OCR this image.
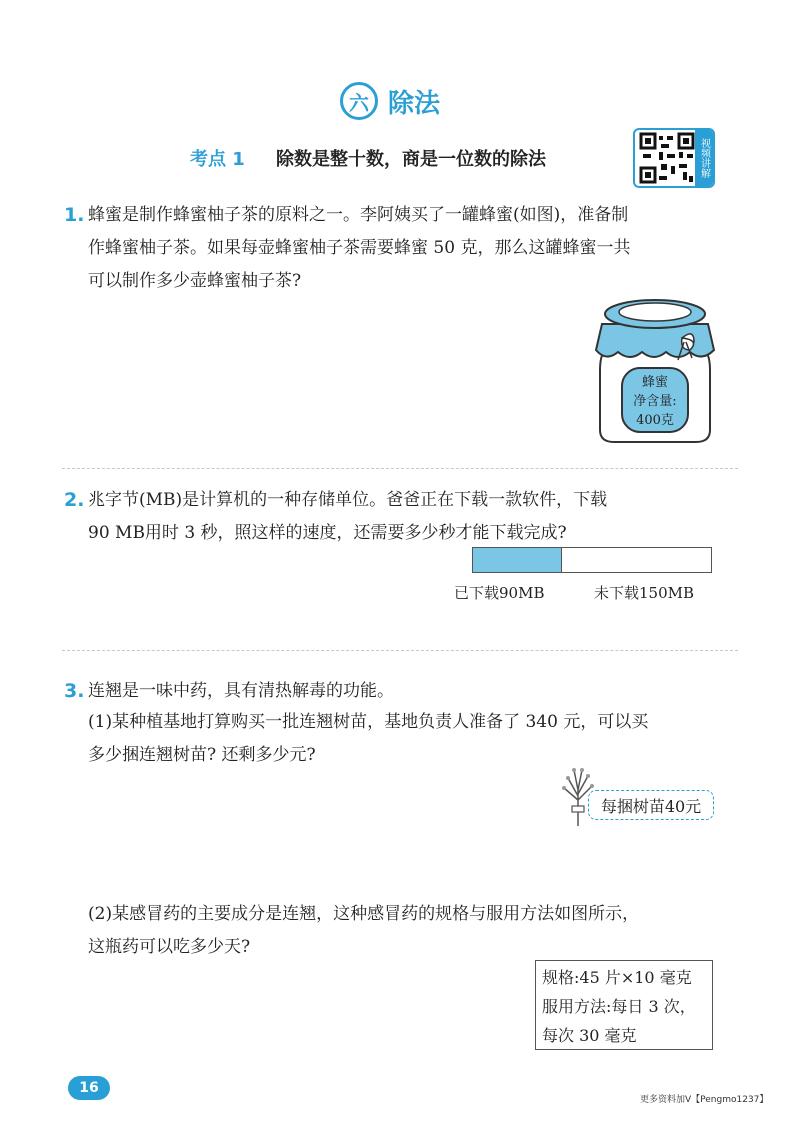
六 除法
考点 1 除数是整十数，商是一位数的除法	视频讲解
1. 蜂蜜是制作蜂蜜柚子茶的原料之一。李阿姨买了一罐蜂蜜(如图)，准备制
作蜂蜜柚子茶。如果每壶蜂蜜柚子茶需要蜂蜜 50 克，那么这罐蜂蜜一共
可以制作多少壶蜂蜜柚子茶?
蜂蜜
净含量:
400克
2. 兆字节(MB)是计算机的一种存储单位。爸爸正在下载一款软件，下载
90 MB用时 3 秒，照这样的速度，还需要多少秒才能下载完成?
已下载90MB	未下载150MB
3. 连翘是一味中药，具有清热解毒的功能。
(1)某种植基地打算购买一批连翘树苗，基地负责人准备了 340 元，可以买
多少捆连翘树苗? 还剩多少元?
每捆树苗40元
(2)某感冒药的主要成分是连翘，这种感冒药的规格与服用方法如图所示，
这瓶药可以吃多少天?
规格:45 片×10 毫克
服用方法:每日 3 次，
每次 30 毫克
16
更多资料加V【Pengmo1237】
